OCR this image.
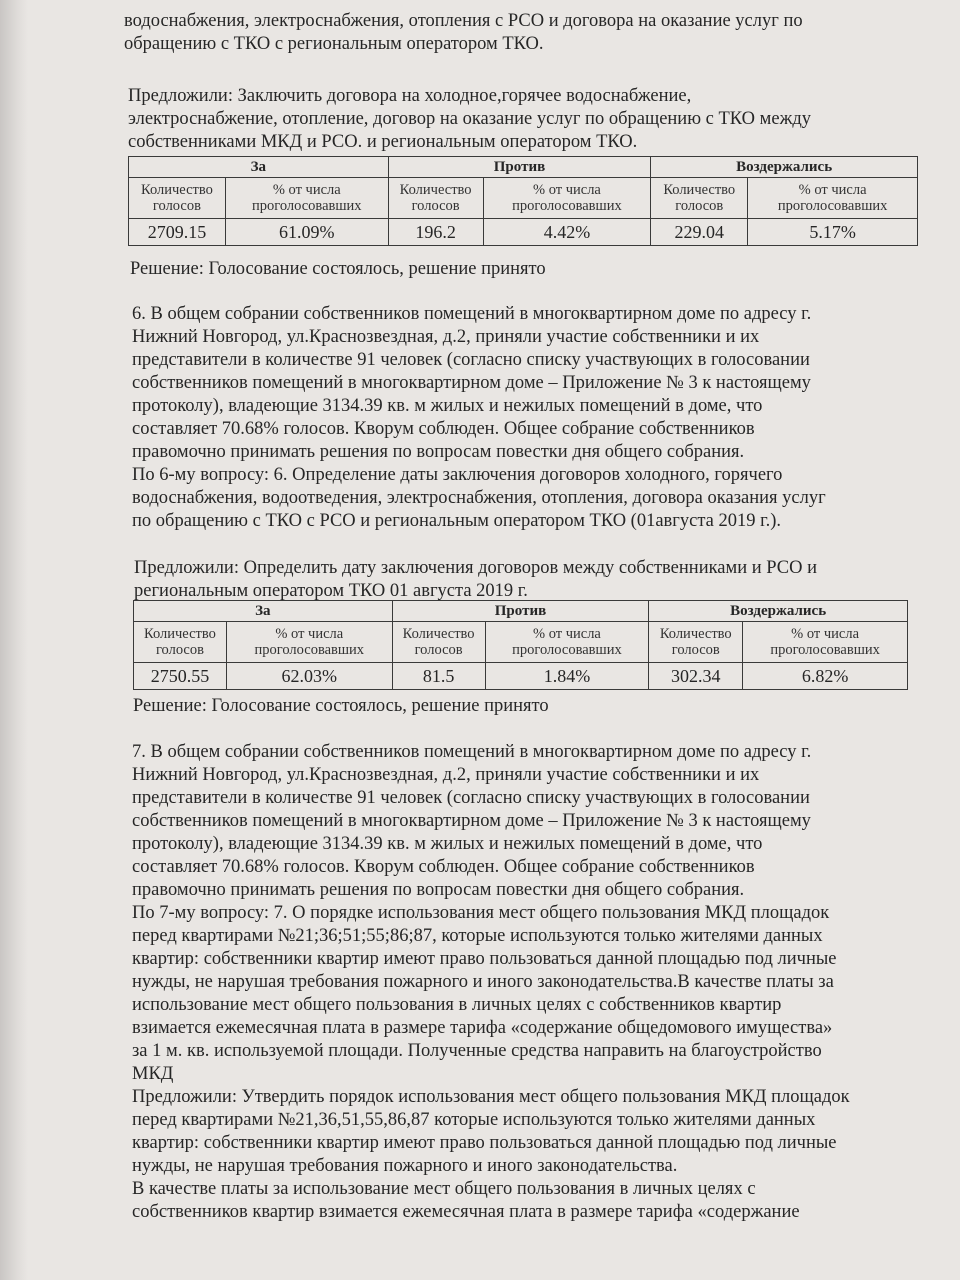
водоснабжения, электроснабжения, отопления с РСО и договора на оказание услуг по
обращению с ТКО с региональным оператором ТКО.
Предложили: Заключить договора на холодное,горячее водоснабжение,
электроснабжение, отопление, договор на оказание услуг по обращению с ТКО между
собственниками МКД и РСО. и региональным оператором ТКО.
За		Против		Воздержались	
Количество
голосов	% от числа
проголосовавших	Количество
голосов	% от числа
проголосовавших	Количество
голосов	% от числа
проголосовавших
2709.15	61.09%	196.2	4.42%	229.04	5.17%
Решение: Голосование состоялось, решение принято
6. В общем собрании собственников помещений в многоквартирном доме по адресу г.
Нижний Новгород, ул.Краснозвездная, д.2, приняли участие собственники и их
представители в количестве 91 человек (согласно списку участвующих в голосовании
собственников помещений в многоквартирном доме – Приложение № 3 к настоящему
протоколу), владеющие 3134.39 кв. м жилых и нежилых помещений в доме, что
составляет 70.68% голосов. Кворум соблюден. Общее собрание собственников
правомочно принимать решения по вопросам повестки дня общего собрания.
По 6-му вопросу: 6. Определение даты заключения договоров холодного, горячего
водоснабжения, водоотведения, электроснабжения, отопления, договора оказания услуг
по обращению с ТКО с РСО и региональным оператором ТКО (01августа 2019 г.).
Предложили: Определить дату заключения договоров между собственниками и РСО и
региональным оператором ТКО 01 августа 2019 г.
За		Против		Воздержались	
Количество
голосов	% от числа
проголосовавших	Количество
голосов	% от числа
проголосовавших	Количество
голосов	% от числа
проголосовавших
2750.55	62.03%	81.5	1.84%	302.34	6.82%
Решение: Голосование состоялось, решение принято
7. В общем собрании собственников помещений в многоквартирном доме по адресу г.
Нижний Новгород, ул.Краснозвездная, д.2, приняли участие собственники и их
представители в количестве 91 человек (согласно списку участвующих в голосовании
собственников помещений в многоквартирном доме – Приложение № 3 к настоящему
протоколу), владеющие 3134.39 кв. м жилых и нежилых помещений в доме, что
составляет 70.68% голосов. Кворум соблюден. Общее собрание собственников
правомочно принимать решения по вопросам повестки дня общего собрания.
По 7-му вопросу: 7. О порядке использования мест общего пользования МКД площадок
перед квартирами №21;36;51;55;86;87, которые используются только жителями данных
квартир: собственники квартир имеют право пользоваться данной площадью под личные
нужды, не нарушая требования пожарного и иного законодательства.В качестве платы за
использование мест общего пользования в личных целях с собственников квартир
взимается ежемесячная плата в размере тарифа «содержание общедомового имущества»
за 1 м. кв. используемой площади. Полученные средства направить на благоустройство
МКД
Предложили: Утвердить порядок использования мест общего пользования МКД площадок
перед квартирами №21,36,51,55,86,87 которые используются только жителями данных
квартир: собственники квартир имеют право пользоваться данной площадью под личные
нужды, не нарушая требования пожарного и иного законодательства.
В качестве платы за использование мест общего пользования в личных целях с
собственников квартир взимается ежемесячная плата в размере тарифа «содержание
